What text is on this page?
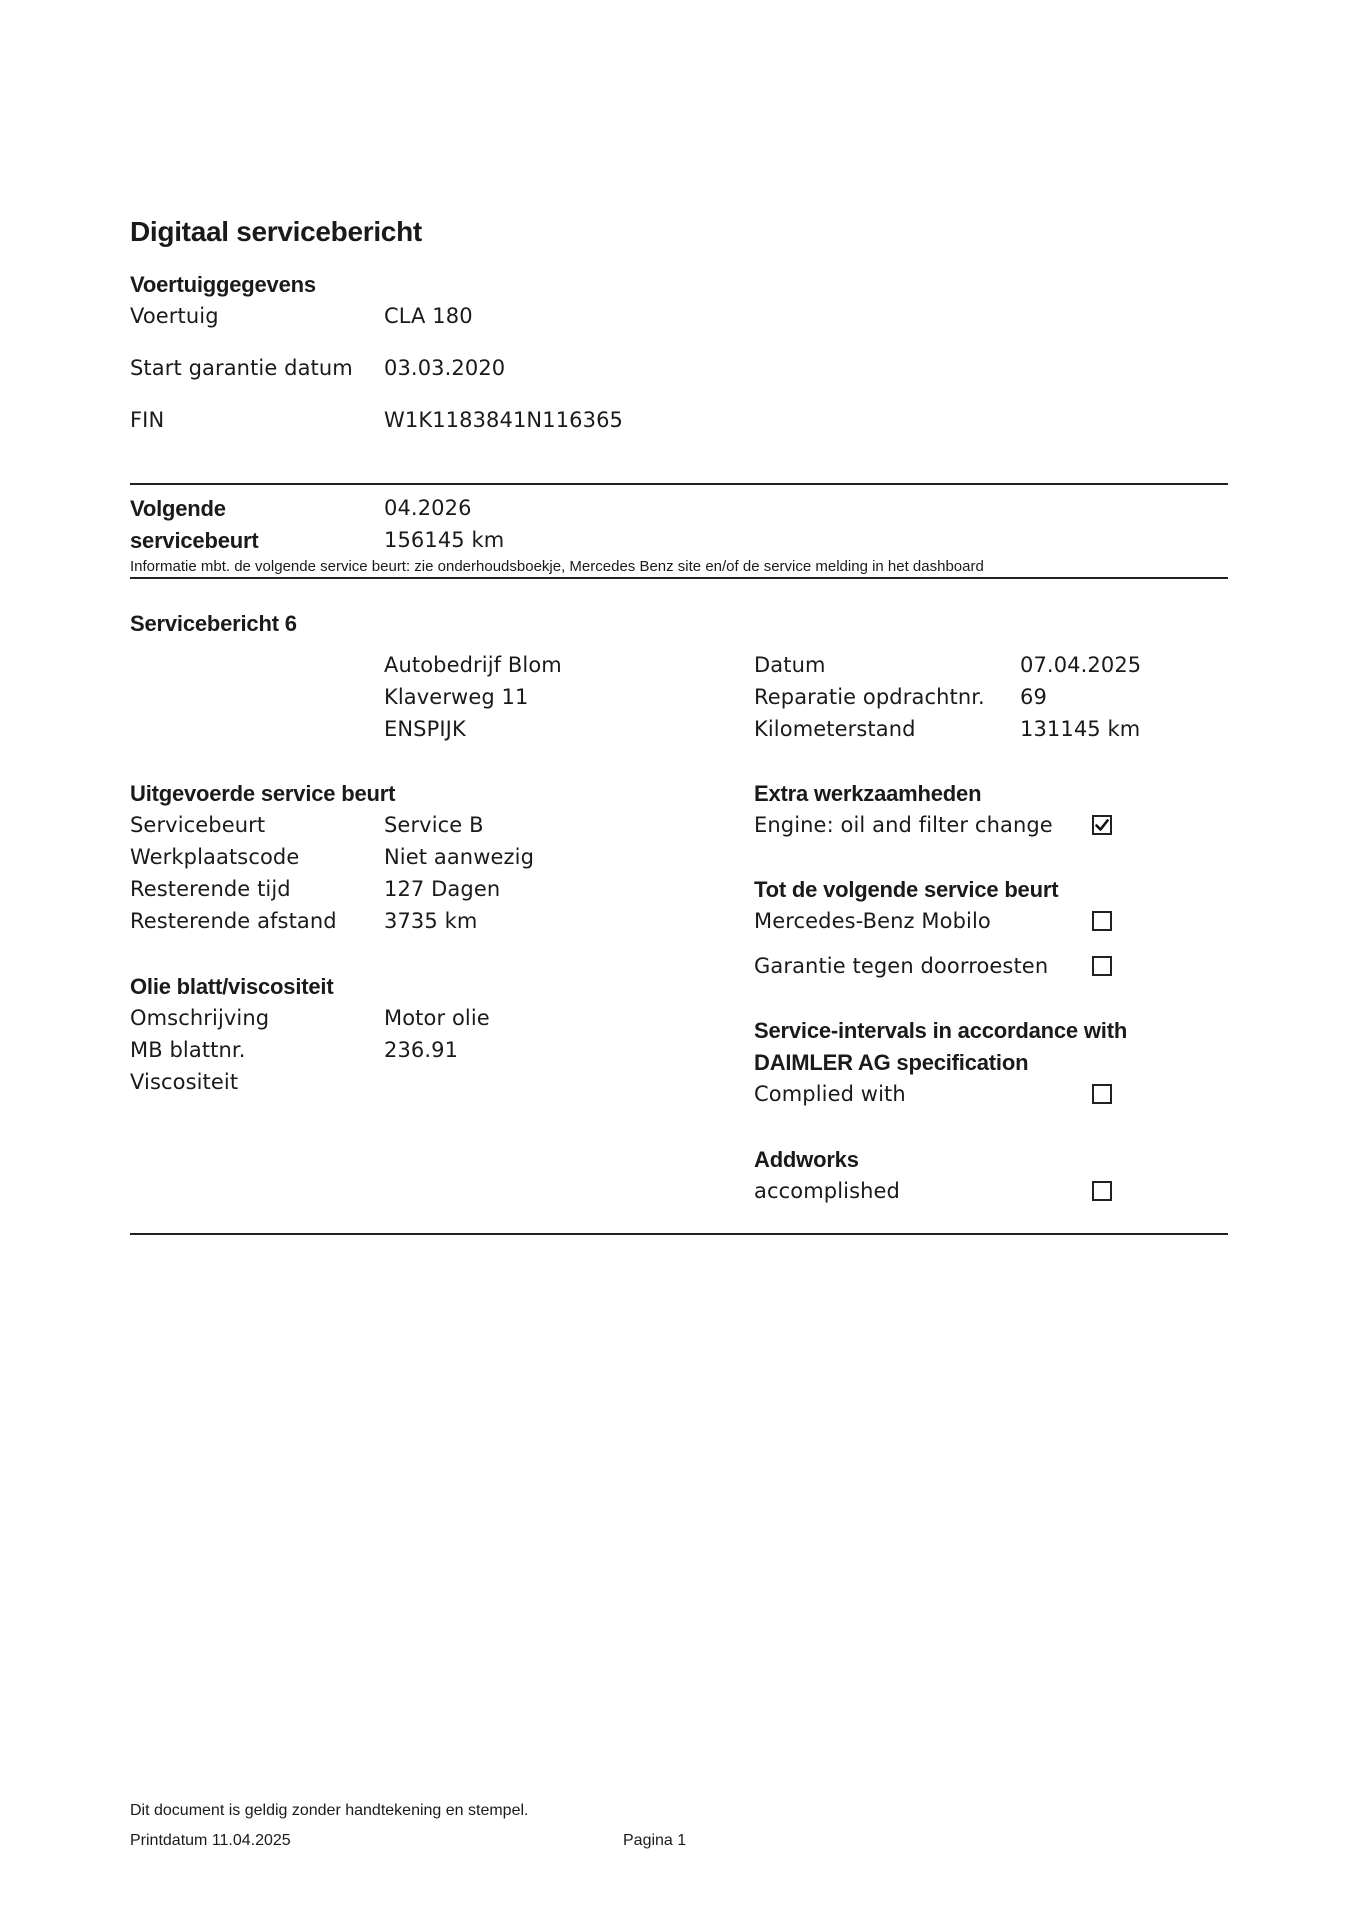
Digitaal servicebericht
Voertuiggegevens
Voertuig	CLA 180
Start garantie datum 03.03.2020
FIN	W1K1183841N116365
Volgende
servicebeurt
04.2026
156145 km
Informatie mbt. de volgende service beurt: zie onderhoudsboekje, Mercedes Benz site en/of de service melding in het dashboard
Servicebericht 6
Autobedrijf Blom
Klaverweg 11
ENSPIJK
Datum	07.04.2025
Reparatie opdrachtnr. 69
Kilometerstand	131145 km
Uitgevoerde service beurt
Servicebeurt	Service B
Werkplaatscode	Niet aanwezig
Resterende tijd	127 Dagen
Resterende afstand 3735 km
Olie blatt/viscositeit
Omschrijving	Motor olie
MB blattnr.	236.91
Viscositeit
Extra werkzaamheden
Engine: oil and filter change
Tot de volgende service beurt
Mercedes-Benz Mobilo
Garantie tegen doorroesten
Service-intervals in accordance with
DAIMLER AG specification
Complied with
Addworks
accomplished
Dit document is geldig zonder handtekening en stempel.
Printdatum 11.04.2025	Pagina 1
